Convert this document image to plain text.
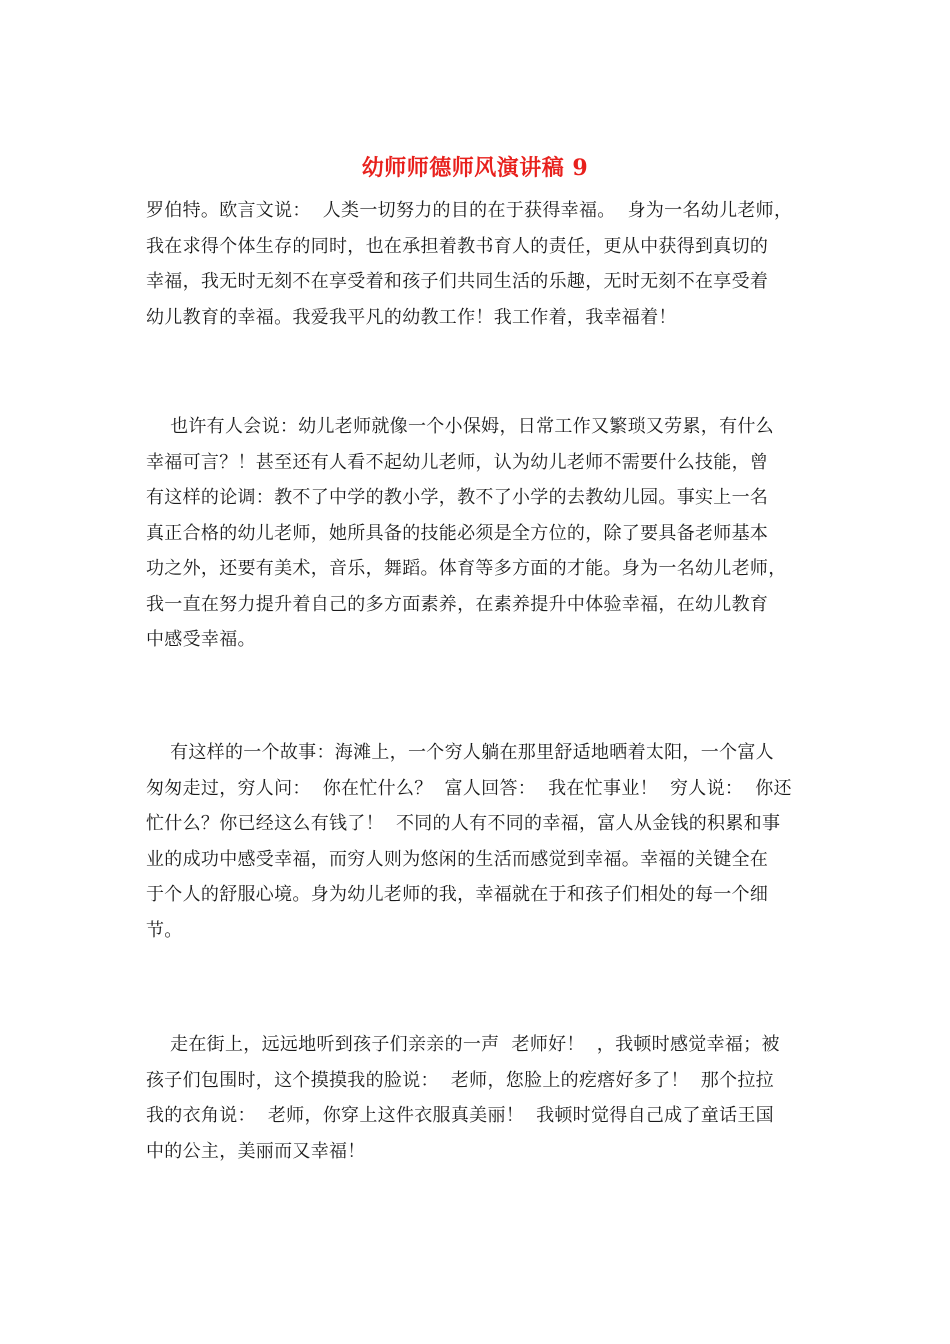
幼师师德师风演讲稿 9

罗伯特。欧言文说：  人类一切努力的目的在于获得幸福。  身为一名幼儿老师，
我在求得个体生存的同时，也在承担着教书育人的责任，更从中获得到真切的
幸福，我无时无刻不在享受着和孩子们共同生活的乐趣，无时无刻不在享受着
幼儿教育的幸福。我爱我平凡的幼教工作！我工作着，我幸福着！

也许有人会说：幼儿老师就像一个小保姆，日常工作又繁琐又劳累，有什么
幸福可言？！甚至还有人看不起幼儿老师，认为幼儿老师不需要什么技能，曾
有这样的论调：教不了中学的教小学，教不了小学的去教幼儿园。事实上一名
真正合格的幼儿老师，她所具备的技能必须是全方位的，除了要具备老师基本
功之外，还要有美术，音乐，舞蹈。体育等多方面的才能。身为一名幼儿老师，
我一直在努力提升着自己的多方面素养，在素养提升中体验幸福，在幼儿教育
中感受幸福。

有这样的一个故事：海滩上，一个穷人躺在那里舒适地晒着太阳，一个富人
匆匆走过，穷人问：  你在忙什么？  富人回答：  我在忙事业！  穷人说：  你还
忙什么？你已经这么有钱了！  不同的人有不同的幸福，富人从金钱的积累和事
业的成功中感受幸福，而穷人则为悠闲的生活而感觉到幸福。幸福的关键全在
于个人的舒服心境。身为幼儿老师的我，幸福就在于和孩子们相处的每一个细
节。

走在街上，远远地听到孩子们亲亲的一声  老师好！  ，我顿时感觉幸福；被
孩子们包围时，这个摸摸我的脸说：  老师，您脸上的疙瘩好多了！  那个拉拉
我的衣角说：  老师，你穿上这件衣服真美丽！  我顿时觉得自己成了童话王国
中的公主，美丽而又幸福！
